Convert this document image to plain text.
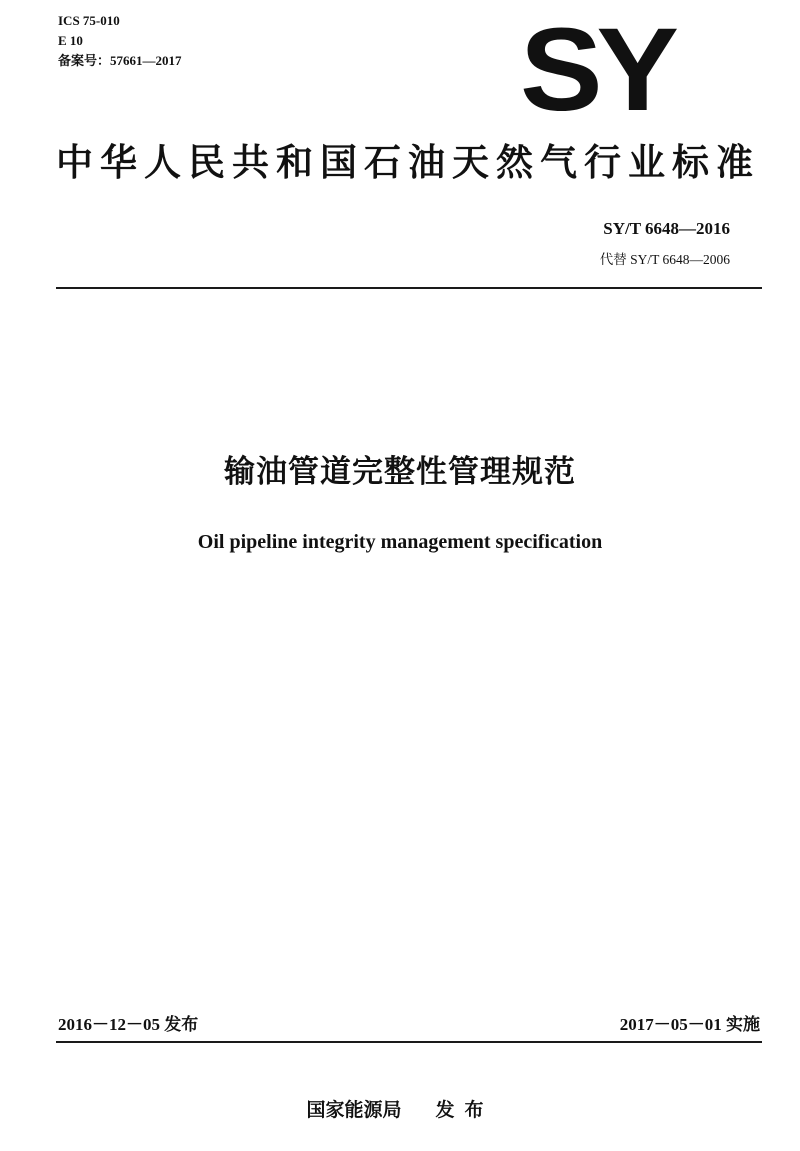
ICS 75-010
E 10
备案号：57661—2017	SY
中华人民共和国石油天然气行业标准
SY/T 6648—2016
代替 SY/T 6648—2006
输油管道完整性管理规范
Oil pipeline integrity management specification
2016－12－05 发布	2017－05－01 实施
国家能源局 发布
